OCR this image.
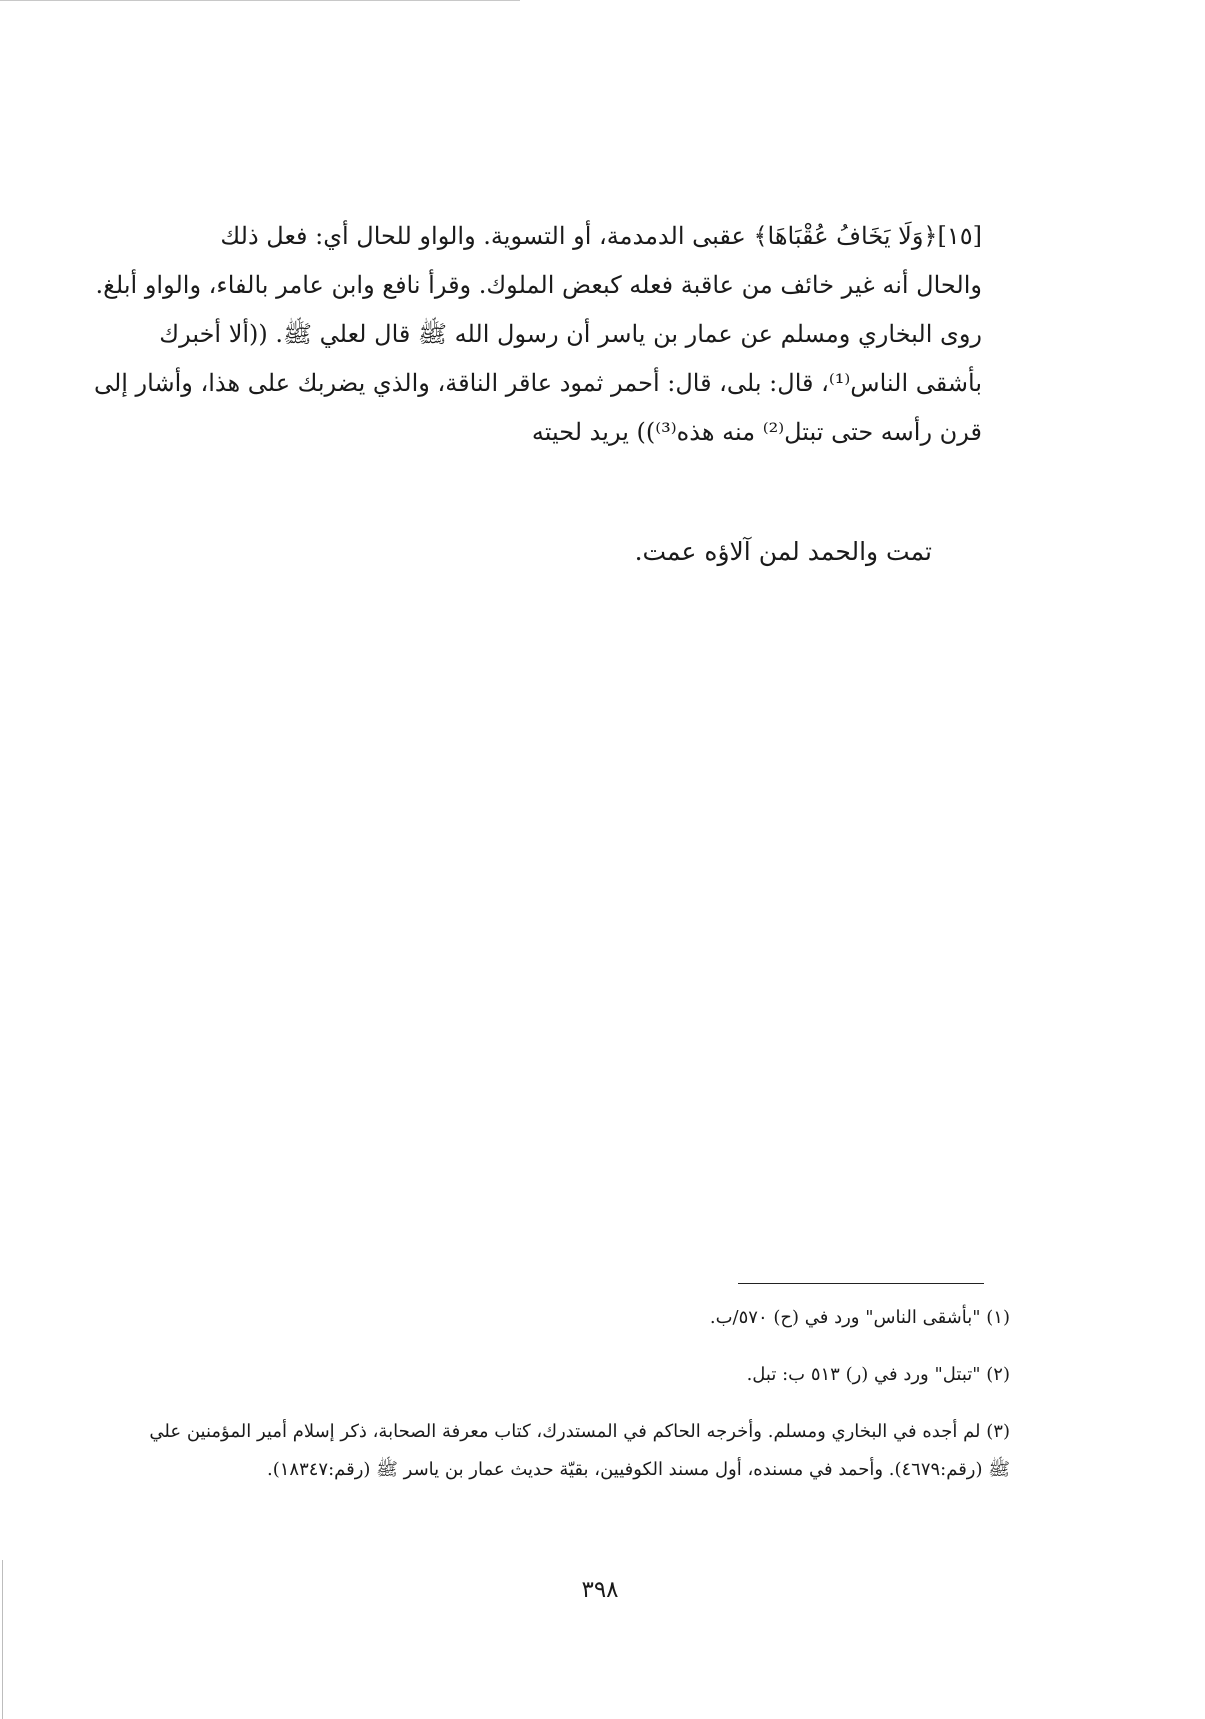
[١٥]﴿وَلَا يَخَافُ عُقْبَاهَا﴾ عقبى الدمدمة، أو التسوية. والواو للحال أي: فعل ذلك
والحال أنه غير خائف من عاقبة فعله كبعض الملوك. وقرأ نافع وابن عامر بالفاء، والواو أبلغ.
روى البخاري ومسلم عن عمار بن ياسر أن رسول الله ﷺ قال لعلي ﷺ. ((ألا أخبرك
بأشقى الناس⁽¹⁾، قال: بلى، قال: أحمر ثمود عاقر الناقة، والذي يضربك على هذا، وأشار إلى
قرن رأسه حتى تبتل⁽²⁾ منه هذه⁽³⁾)) يريد لحيته
تمت والحمد لمن آلاؤه عمت.
(١) "بأشقى الناس" ورد في (ح) ٥٧٠/ب.
(٢) "تبتل" ورد في (ر) ٥١٣ ب: تبل.
(٣) لم أجده في البخاري ومسلم. وأخرجه الحاكم في المستدرك، كتاب معرفة الصحابة، ذكر إسلام أمير المؤمنين علي
ﷺ (رقم:٤٦٧٩). وأحمد في مسنده، أول مسند الكوفيين، بقيّة حديث عمار بن ياسر ﷺ (رقم:١٨٣٤٧).
٣٩٨
